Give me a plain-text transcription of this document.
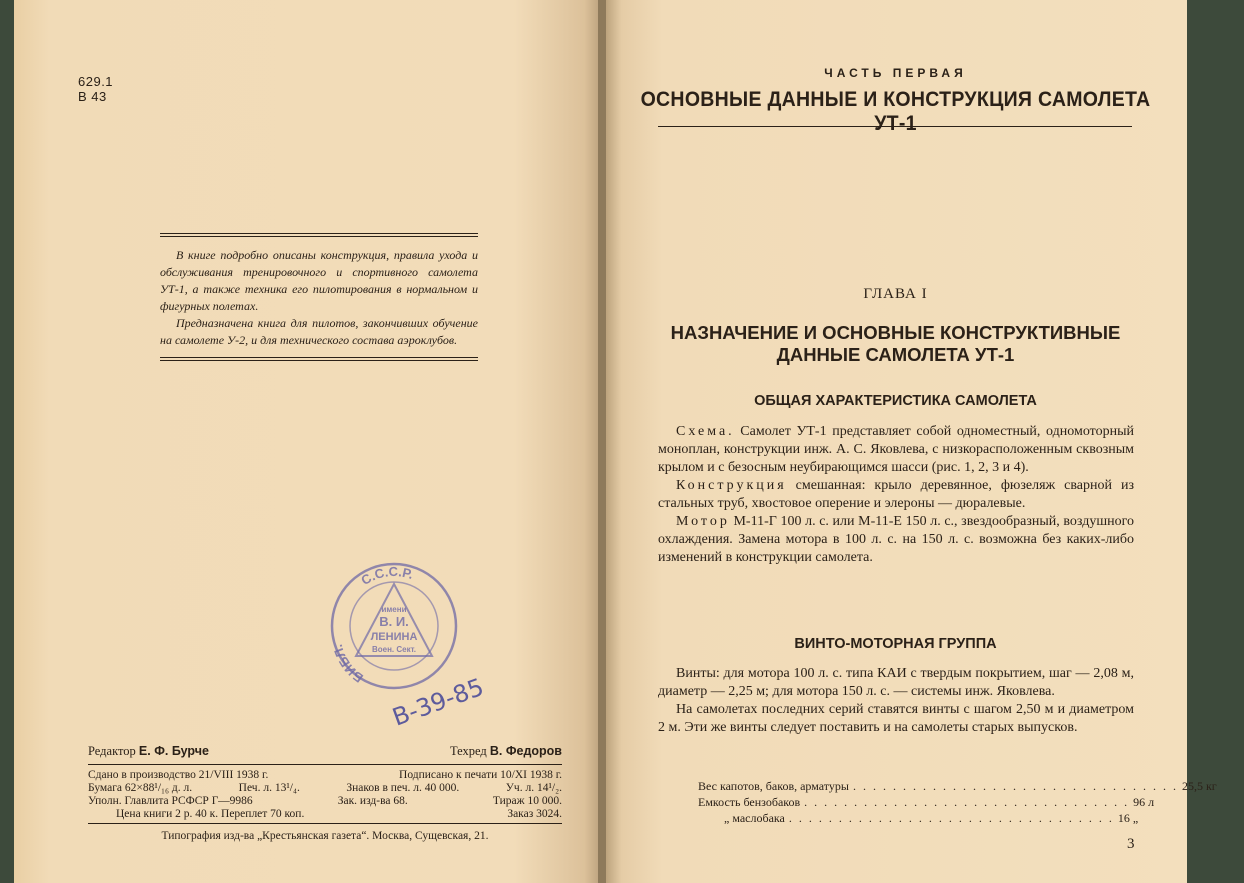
629.1
В 43

В книге подробно описаны конструкция, правила ухода и обслуживания тренировочного и спортивного самолета УТ-1, а также техника его пилотирования в нормальном и фигурных полетах.

Предназначена книга для пилотов, закончивших обучение на самолете У-2, и для технического состава аэроклубов.

С.С.С.Р.
БИБЛ.
имени
В. И.
ЛЕНИНА
Воен. Сект.
В-39-85
Редактор Е. Ф. Бурче	Техред В. Федоров
Сдано в производство 21/VIII 1938 г.	Подписано к печати 10/XI 1938 г.
Бумага 62×88¹/₁₆ д. л.	Печ. л. 13¹/₄.	Знаков в печ. л. 40 000.	Уч. л. 14¹/₂.
Уполн. Главлита РСФСР Г—9986	Зак. изд-ва 68.	Тираж 10 000.
Цена книги 2 р. 40 к. Переплет 70 коп.	Заказ 3024.
Типография изд-ва „Крестьянская газета“. Москва, Сущевская, 21.
ЧАСТЬ ПЕРВАЯ
ОСНОВНЫЕ ДАННЫЕ И КОНСТРУКЦИЯ САМОЛЕТА УТ-1
ГЛАВА I
НАЗНАЧЕНИЕ И ОСНОВНЫЕ КОНСТРУКТИВНЫЕ
ДАННЫЕ САМОЛЕТА УТ-1
ОБЩАЯ ХАРАКТЕРИСТИКА САМОЛЕТА

Схема. Самолет УТ-1 представляет собой одноместный, одномоторный моноплан, конструкции инж. А. С. Яковлева, с низкорасположенным сквозным крылом и с безосным неубирающимся шасси (рис. 1, 2, 3 и 4).

Конструкция смешанная: крыло деревянное, фюзеляж сварной из стальных труб, хвостовое оперение и элероны — дюралевые.

Мотор М-11-Г 100 л. с. или М-11-Е 150 л. с., звездообразный, воздушного охлаждения. Замена мотора в 100 л. с. на 150 л. с. возможна без каких-либо изменений в конструкции самолета.

ВИНТО-МОТОРНАЯ ГРУППА

Винты: для мотора 100 л. с. типа КАИ с твердым покрытием, шаг — 2,08 м, диаметр — 2,25 м; для мотора 150 л. с. — системы инж. Яковлева.

На самолетах последних серий ставятся винты с шагом 2,50 м и диаметром 2 м. Эти же винты следует поставить и на самолеты старых выпусков.

Вес капотов, баков, арматуры . . . . . . . . . . . . . . . . . . . . . . . . . . . . . . . . . 25,5 кг
Емкость бензобаков . . . . . . . . . . . . . . . . . . . . . . . . . . . . . . . . . 96 л
„ маслобака . . . . . . . . . . . . . . . . . . . . . . . . . . . . . . . . . 16 „
3
